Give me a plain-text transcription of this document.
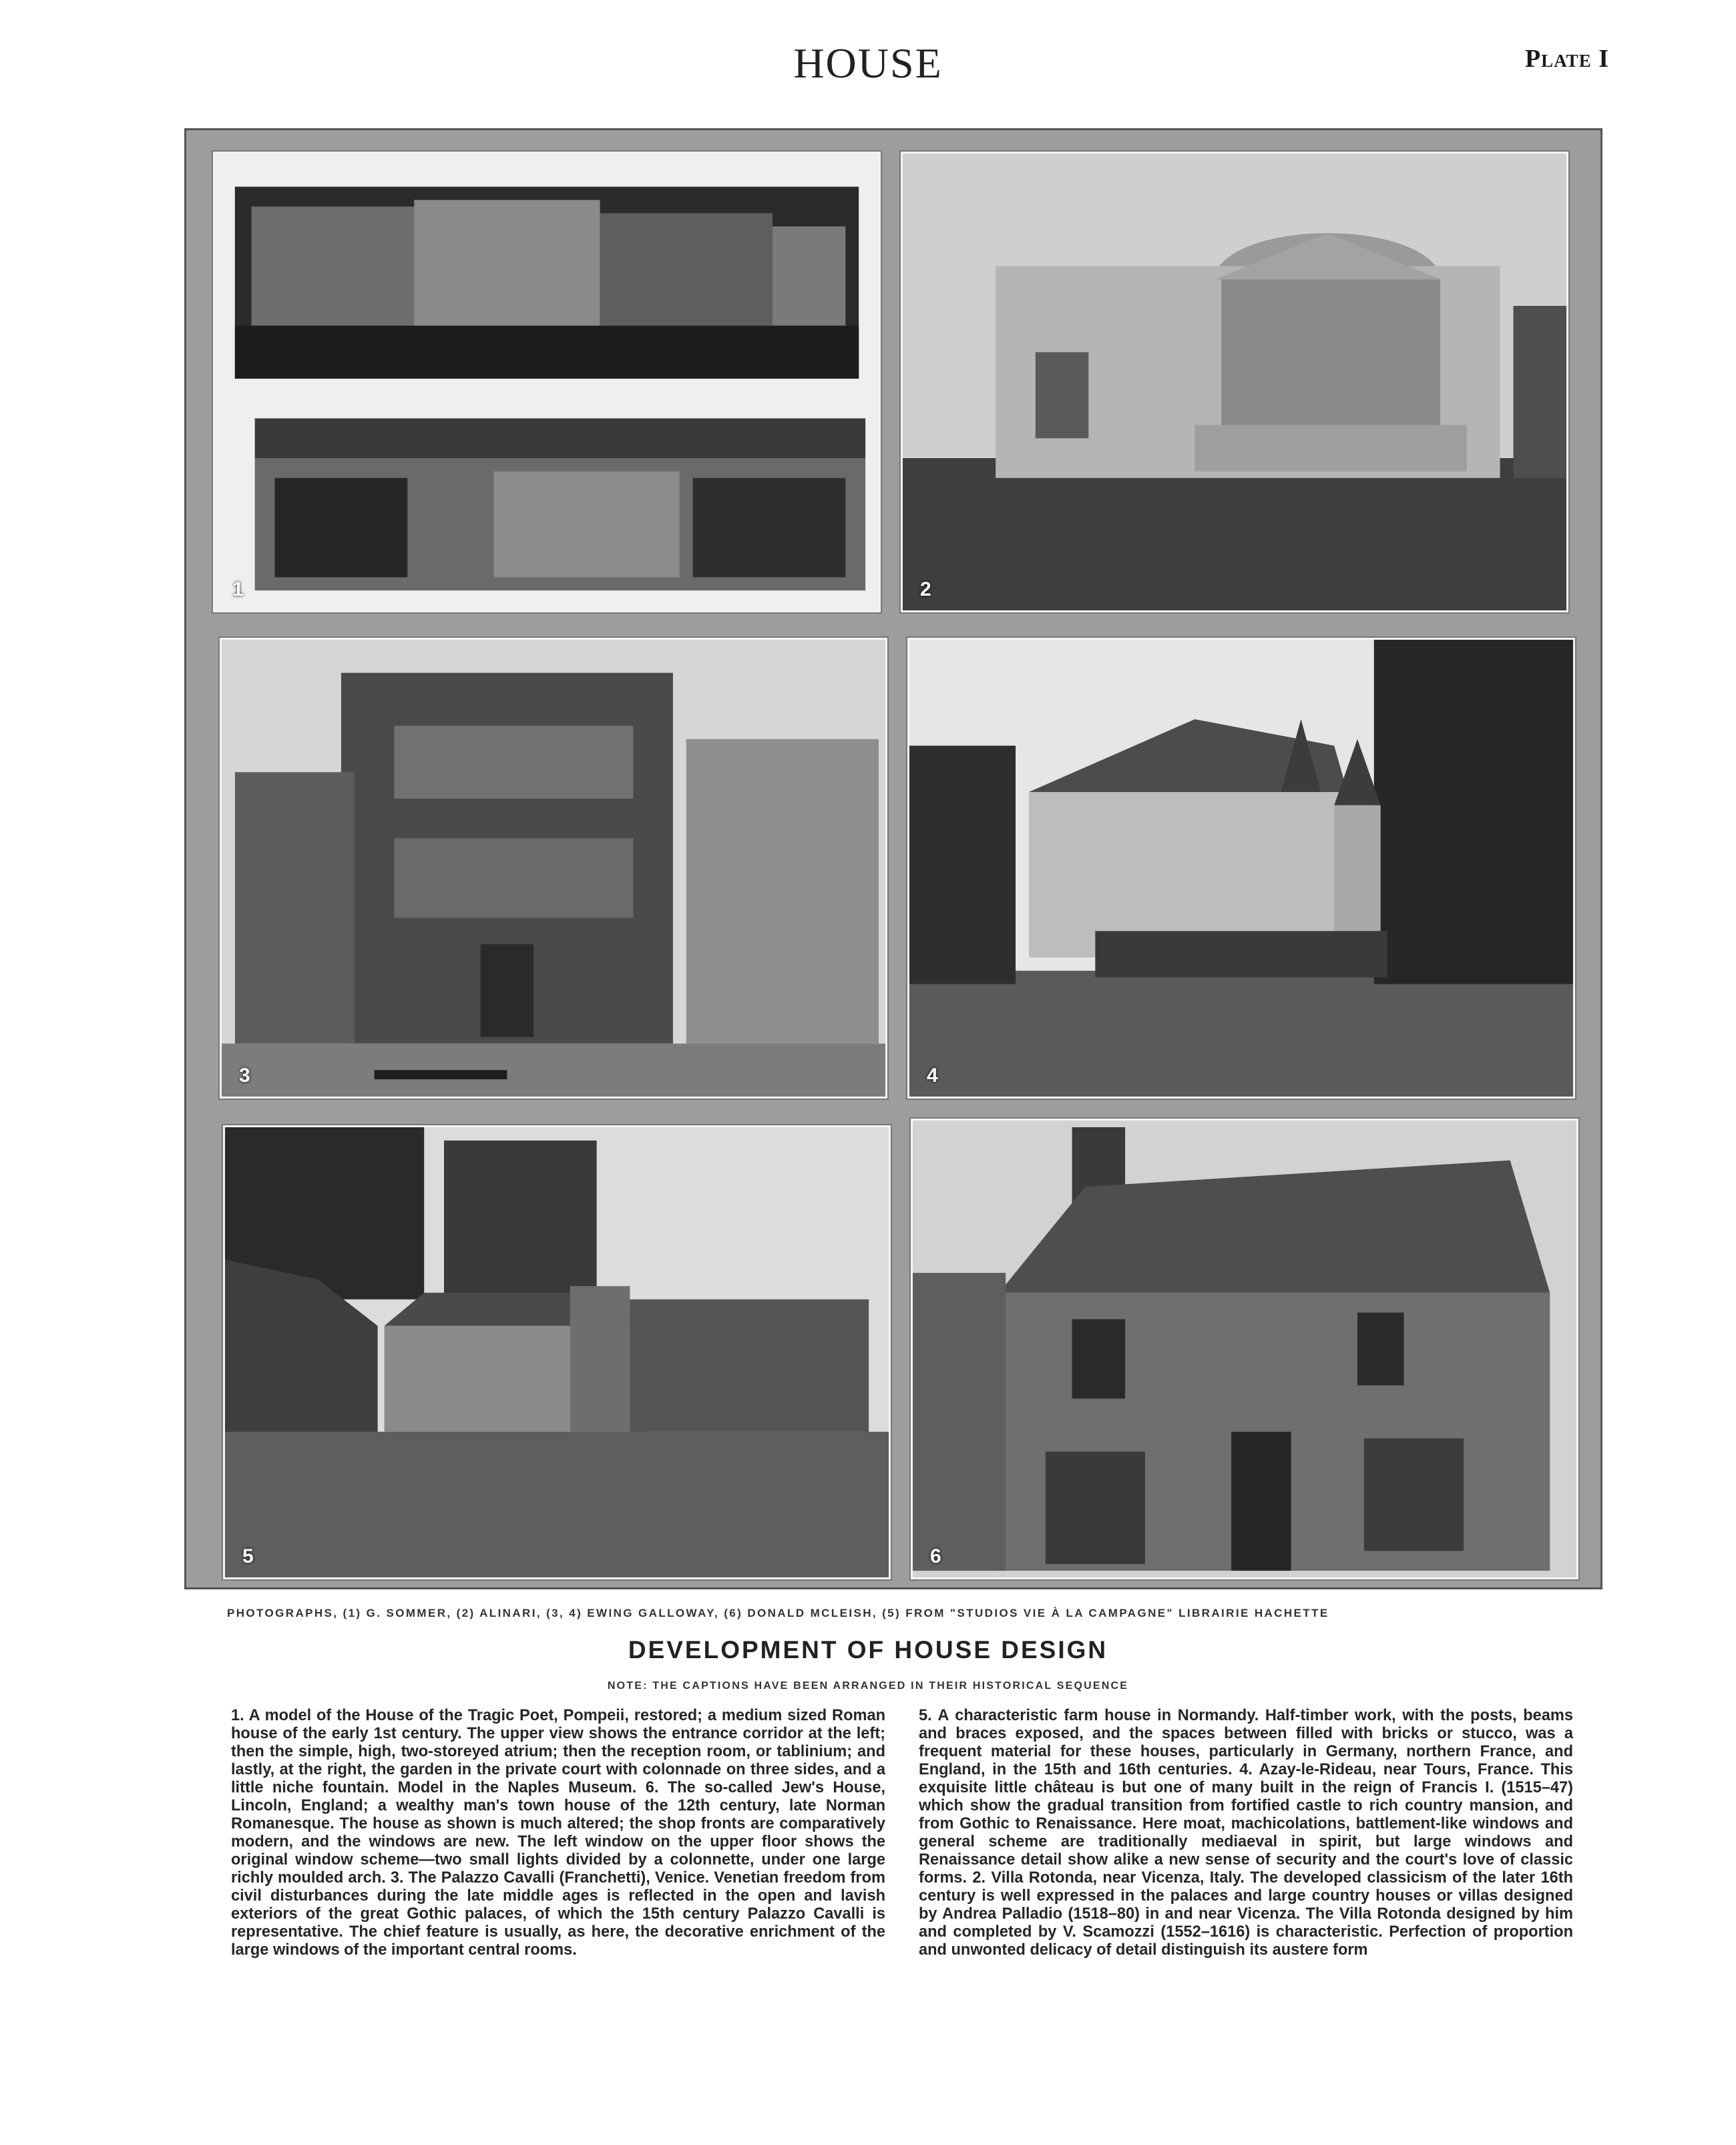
HOUSE	Plate I
1	2
3	4
5	6
PHOTOGRAPHS, (1) G. SOMMER, (2) ALINARI, (3, 4) EWING GALLOWAY, (6) DONALD MCLEISH, (5) FROM "STUDIOS VIE À LA CAMPAGNE" LIBRAIRIE HACHETTE
DEVELOPMENT OF HOUSE DESIGN
NOTE: THE CAPTIONS HAVE BEEN ARRANGED IN THEIR HISTORICAL SEQUENCE
1. A model of the House of the Tragic Poet, Pompeii, restored; a medium sized Roman house of the early 1st century. The upper view shows the entrance corridor at the left; then the simple, high, two-storeyed atrium; then the reception room, or tablinium; and lastly, at the right, the garden in the private court with colonnade on three sides, and a little niche fountain. Model in the Naples Museum. 6. The so-called Jew's House, Lincoln, England; a wealthy man's town house of the 12th century, late Norman Romanesque. The house as shown is much altered; the shop fronts are comparatively modern, and the windows are new. The left window on the upper floor shows the original window scheme—two small lights divided by a colonnette, under one large richly moulded arch. 3. The Palazzo Cavalli (Franchetti), Venice. Venetian freedom from civil disturbances during the late middle ages is reflected in the open and lavish exteriors of the great Gothic palaces, of which the 15th century Palazzo Cavalli is representative. The chief feature is usually, as here, the decorative enrichment of the large windows of the important central rooms.
5. A characteristic farm house in Normandy. Half-timber work, with the posts, beams and braces exposed, and the spaces between filled with bricks or stucco, was a frequent material for these houses, particularly in Germany, northern France, and England, in the 15th and 16th centuries. 4. Azay-le-Rideau, near Tours, France. This exquisite little château is but one of many built in the reign of Francis I. (1515–47) which show the gradual transition from fortified castle to rich country mansion, and from Gothic to Renaissance. Here moat, machicolations, battlement-like windows and general scheme are traditionally mediaeval in spirit, but large windows and Renaissance detail show alike a new sense of security and the court's love of classic forms. 2. Villa Rotonda, near Vicenza, Italy. The developed classicism of the later 16th century is well expressed in the palaces and large country houses or villas designed by Andrea Palladio (1518–80) in and near Vicenza. The Villa Rotonda designed by him and completed by V. Scamozzi (1552–1616) is characteristic. Perfection of proportion and unwonted delicacy of detail distinguish its austere form
